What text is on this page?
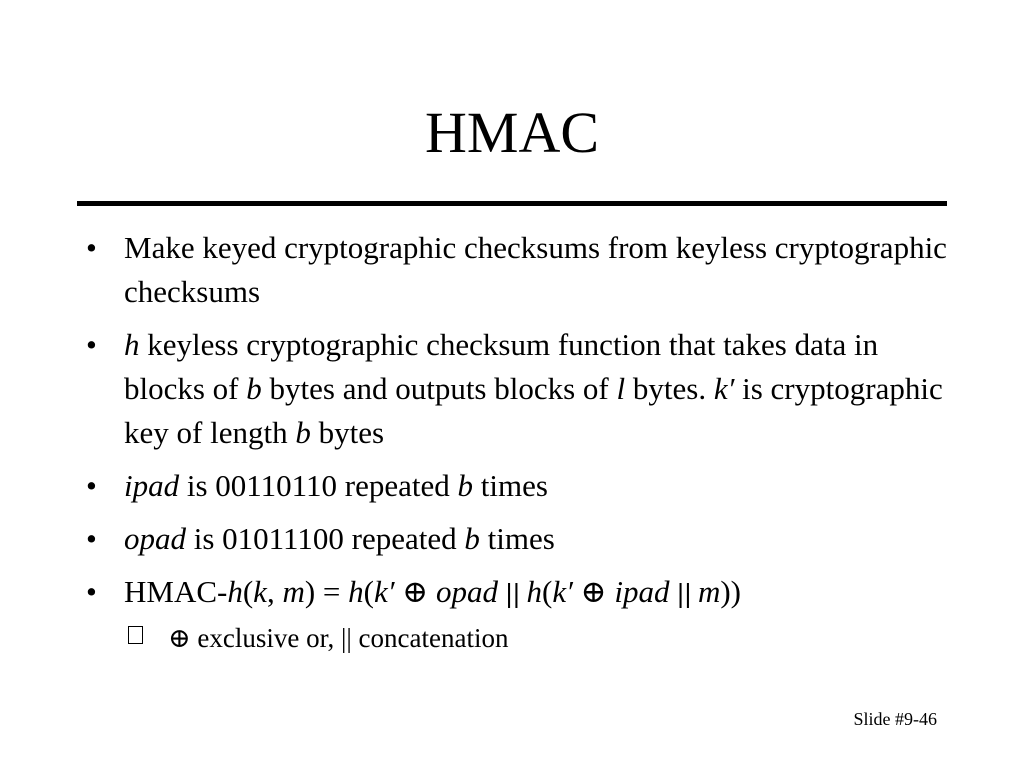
HMAC
• Make keyed cryptographic checksums from keyless cryptographic checksums
• h keyless cryptographic checksum function that takes data in blocks of b bytes and outputs blocks of l bytes. k′ is cryptographic key of length b bytes
• ipad is 00110110 repeated b times
• opad is 01011100 repeated b times
• HMAC-h(k, m) = h(k′ ⊕ opad || h(k′ ⊕ ipad || m))
⊕ exclusive or, || concatenation
Slide #9-46
